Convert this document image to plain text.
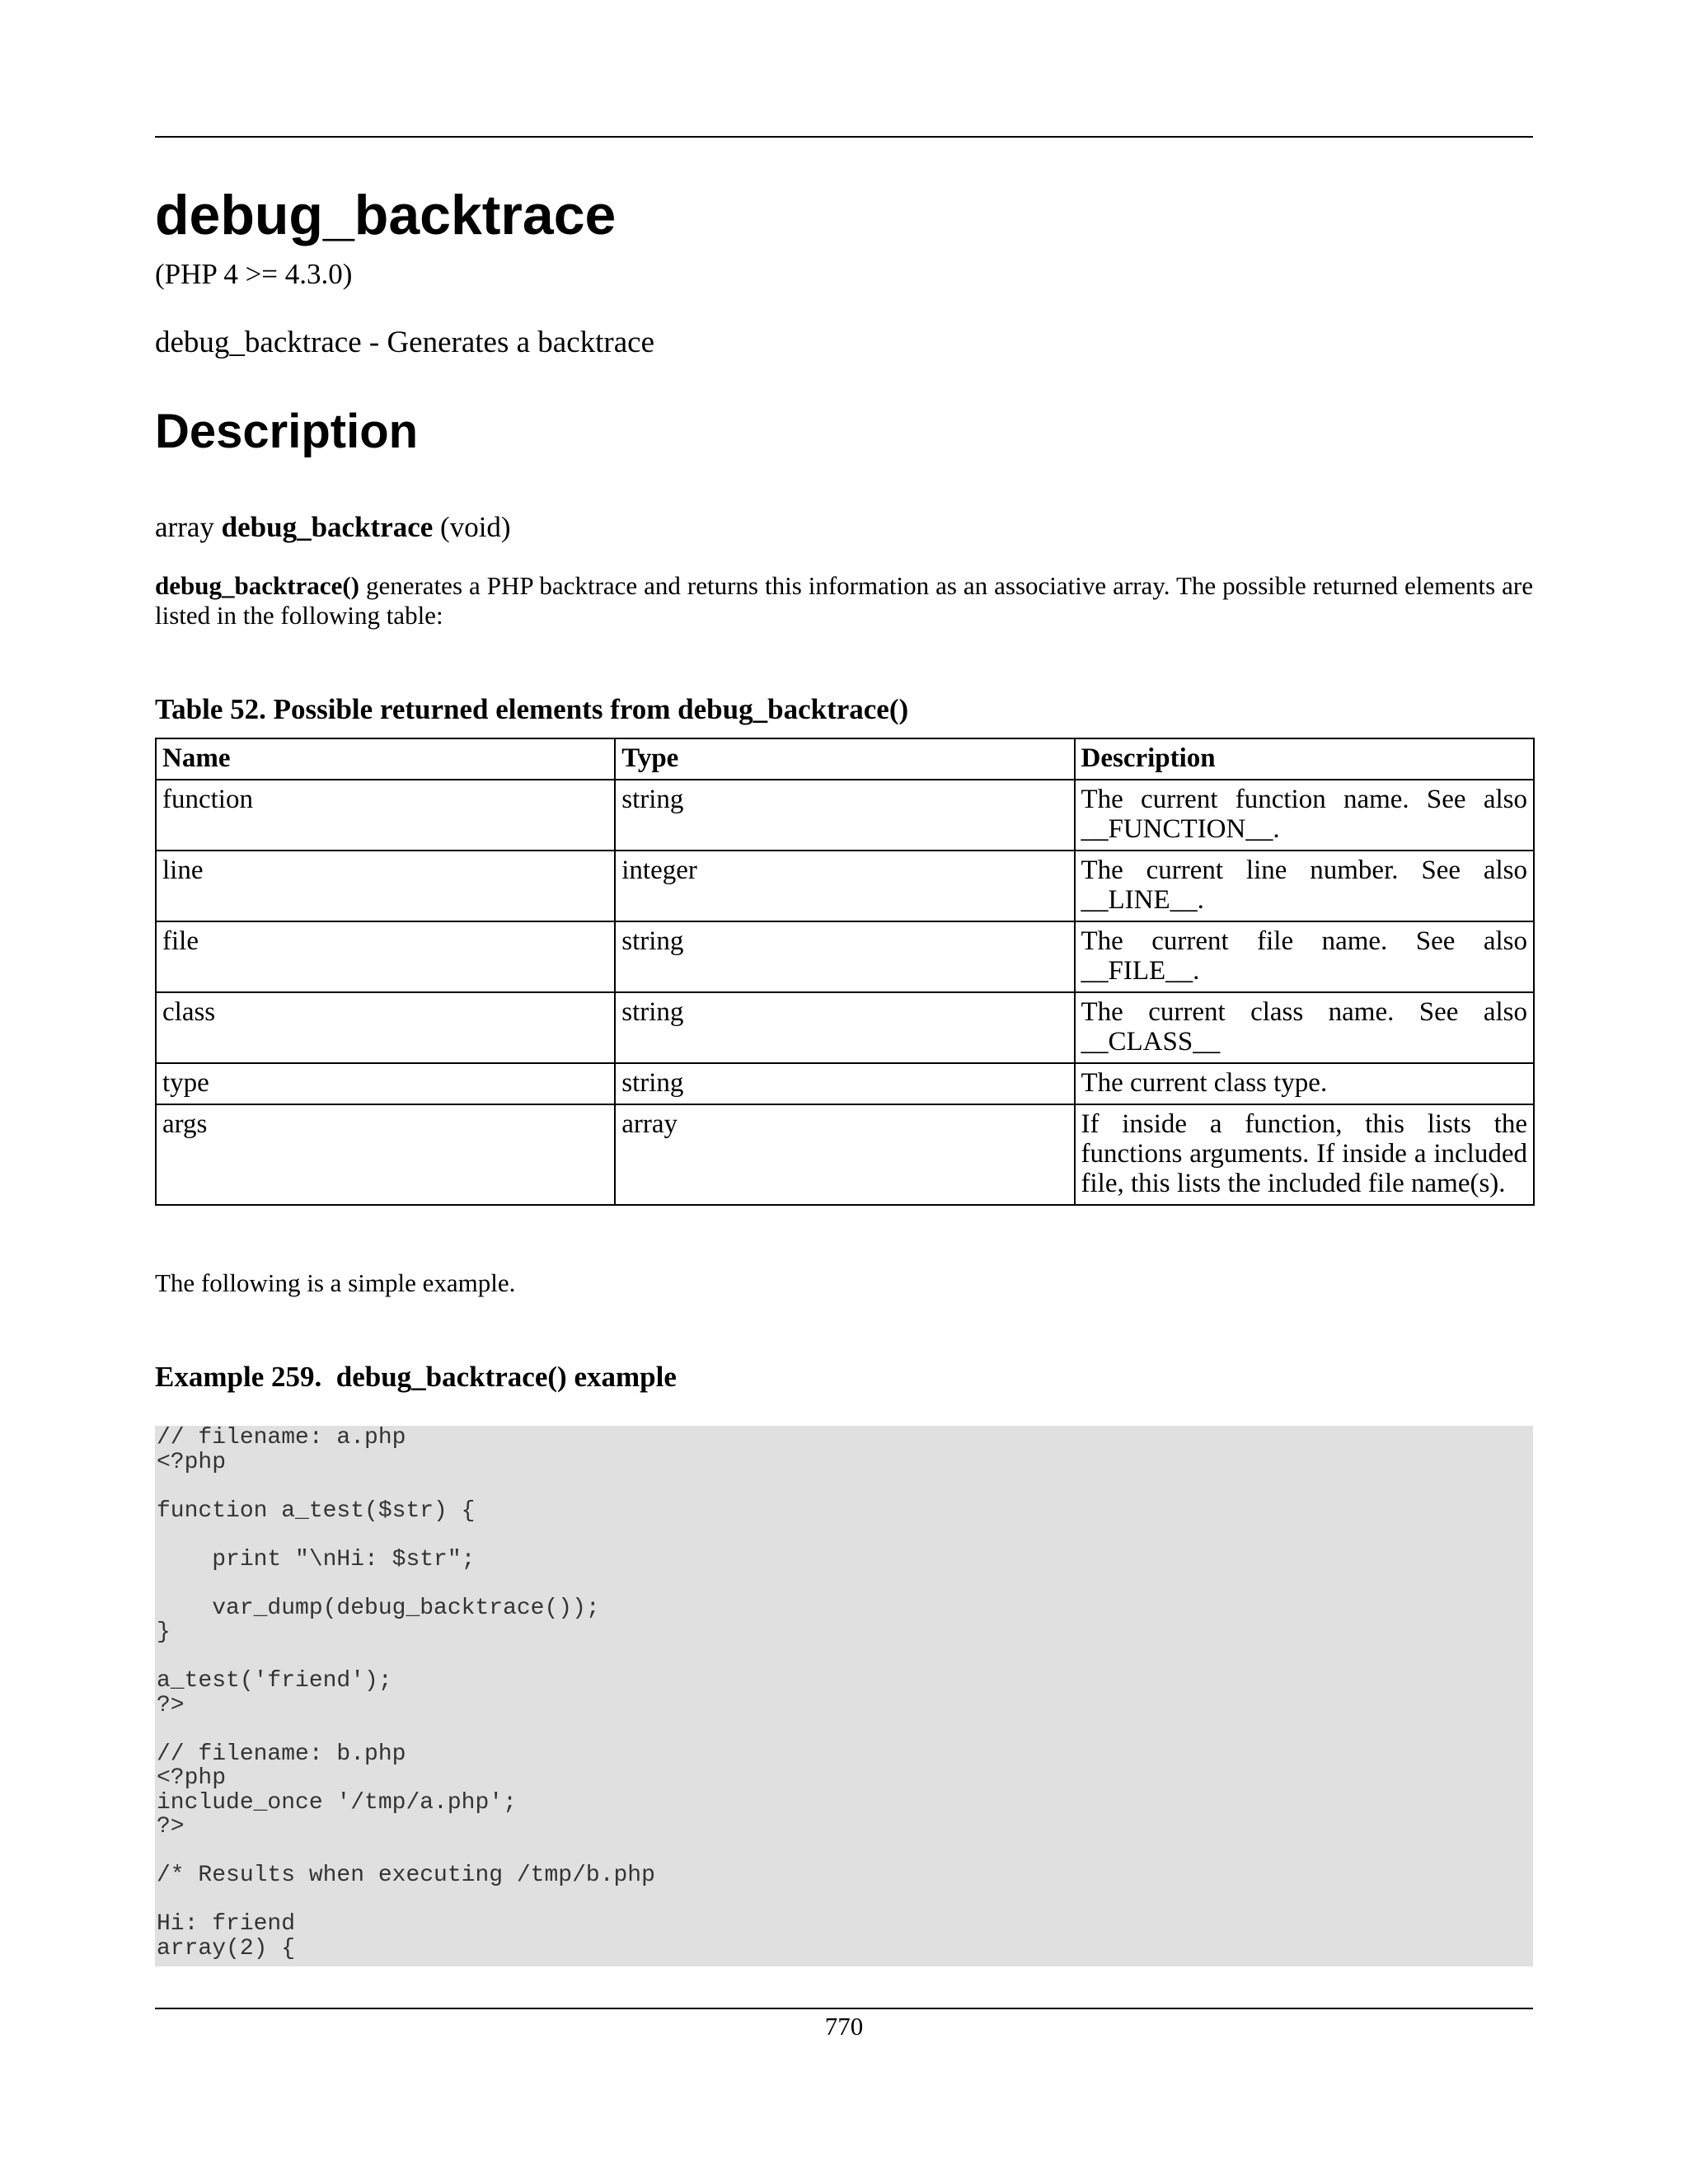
debug_backtrace
(PHP 4 >= 4.3.0)
debug_backtrace - Generates a backtrace
Description
array debug_backtrace (void)

debug_backtrace() generates a PHP backtrace and returns this information as an associative array. The possible returned elements are listed in the following table:

Table 52. Possible returned elements from debug_backtrace()
Name	Type	Description
function	string	The current function name. See also __FUNCTION__.
line	integer	The current line number. See also __LINE__.
file	string	The current file name. See also __FILE__.
class	string	The current class name. See also __CLASS__
type	string	The current class type.
args	array	If inside a function, this lists the functions arguments. If inside a included file, this lists the included file name(s).
The following is a simple example.
Example 259.  debug_backtrace() example
// filename: a.php
<?php

function a_test($str) {

print "\nHi: $str";

var_dump(debug_backtrace());
}

a_test('friend');
?>

// filename: b.php
<?php
include_once '/tmp/a.php';
?>

/* Results when executing /tmp/b.php

Hi: friend
array(2) {
770
